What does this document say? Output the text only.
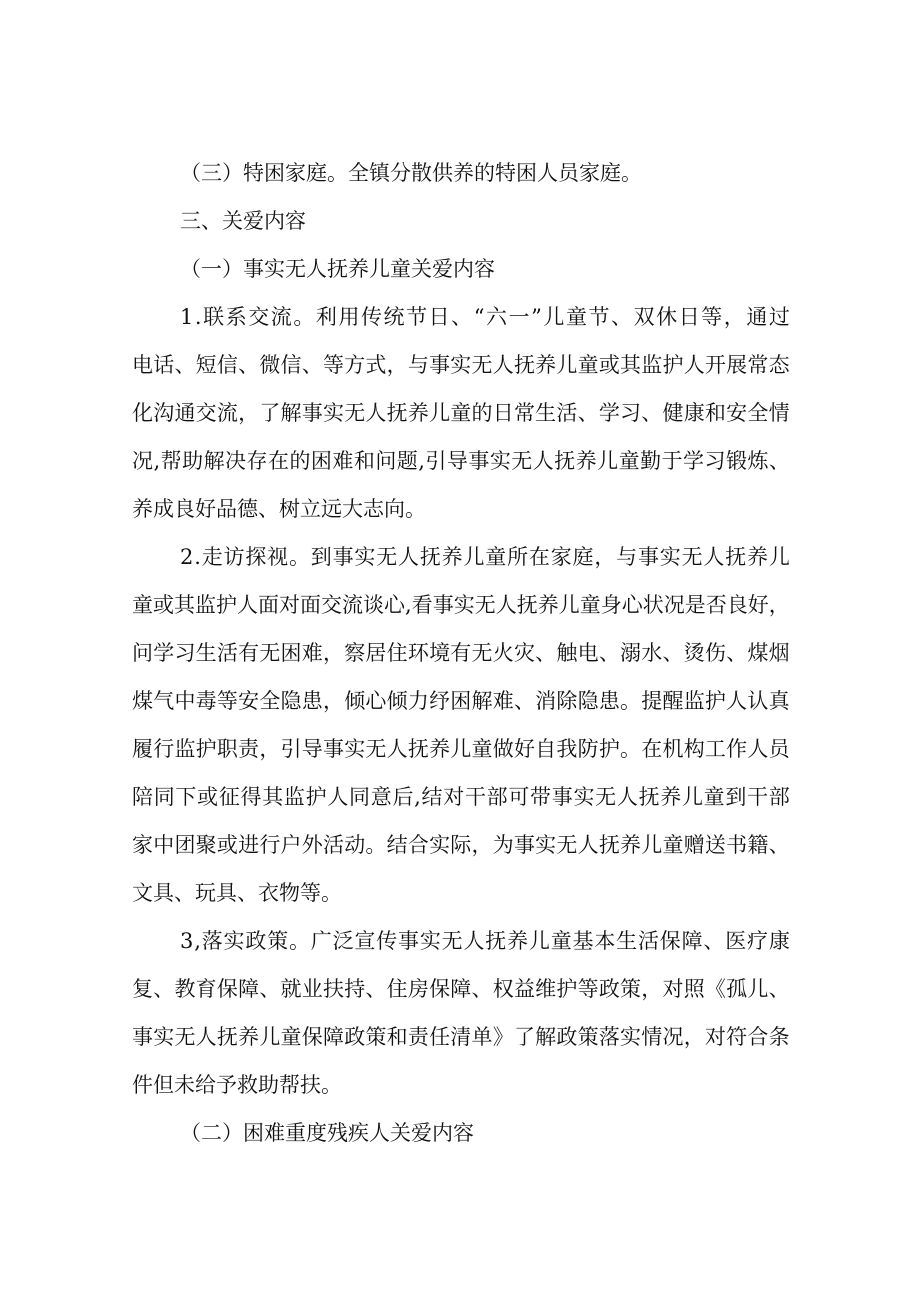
（三）特困家庭。全镇分散供养的特困人员家庭。
三、关爱内容
（一）事实无人抚养儿童关爱内容
1 . 联 系 交 流 。 利 用 传 统 节 日 、 “ 六 一 ” 儿 童 节 、 双 休 日 等 ， 通 过
电 话 、 短 信 、 微 信 、 等 方 式 ， 与 事 实 无 人 抚 养 儿 童 或 其 监 护 人 开 展 常 态
化 沟 通 交 流 ， 了 解 事 实 无 人 抚 养 儿 童 的 日 常 生 活 、 学 习 、 健 康 和 安 全 情
况 , 帮 助 解 决 存 在 的 困 难 和 问 题 , 引 导 事 实 无 人 抚 养 儿 童 勤 于 学 习 锻 炼 、
养成良好品德、树立远大志向。
2 . 走 访 探 视 。 到 事 实 无 人 抚 养 儿 童 所 在 家 庭 ， 与 事 实 无 人 抚 养 儿
童 或 其 监 护 人 面 对 面 交 流 谈 心 , 看 事 实 无 人 抚 养 儿 童 身 心 状 况 是 否 良 好 ，
问 学 习 生 活 有 无 困 难 ， 察 居 住 环 境 有 无 火 灾 、 触 电 、 溺 水 、 烫 伤 、 煤 烟
煤 气 中 毒 等 安 全 隐 患 ， 倾 心 倾 力 纾 困 解 难 、 消 除 隐 患 。 提 醒 监 护 人 认 真
履 行 监 护 职 责 ， 引 导 事 实 无 人 抚 养 儿 童 做 好 自 我 防 护 。 在 机 构 工 作 人 员
陪 同 下 或 征 得 其 监 护 人 同 意 后 , 结 对 干 部 可 带 事 实 无 人 抚 养 儿 童 到 干 部
家 中 团 聚 或 进 行 户 外 活 动 。 结 合 实 际 ， 为 事 实 无 人 抚 养 儿 童 赠 送 书 籍 、
文具、玩具、衣物等。
3 , 落 实 政 策 。 广 泛 宣 传 事 实 无 人 抚 养 儿 童 基 本 生 活 保 障 、 医 疗 康
复 、 教 育 保 障 、 就 业 扶 持 、 住 房 保 障 、 权 益 维 护 等 政 策 ， 对 照 《 孤 儿 、
事 实 无 人 抚 养 儿 童 保 障 政 策 和 责 任 清 单 》 了 解 政 策 落 实 情 况 ， 对 符 合 条
件但未给予救助帮扶。
（二）困难重度残疾人关爱内容
